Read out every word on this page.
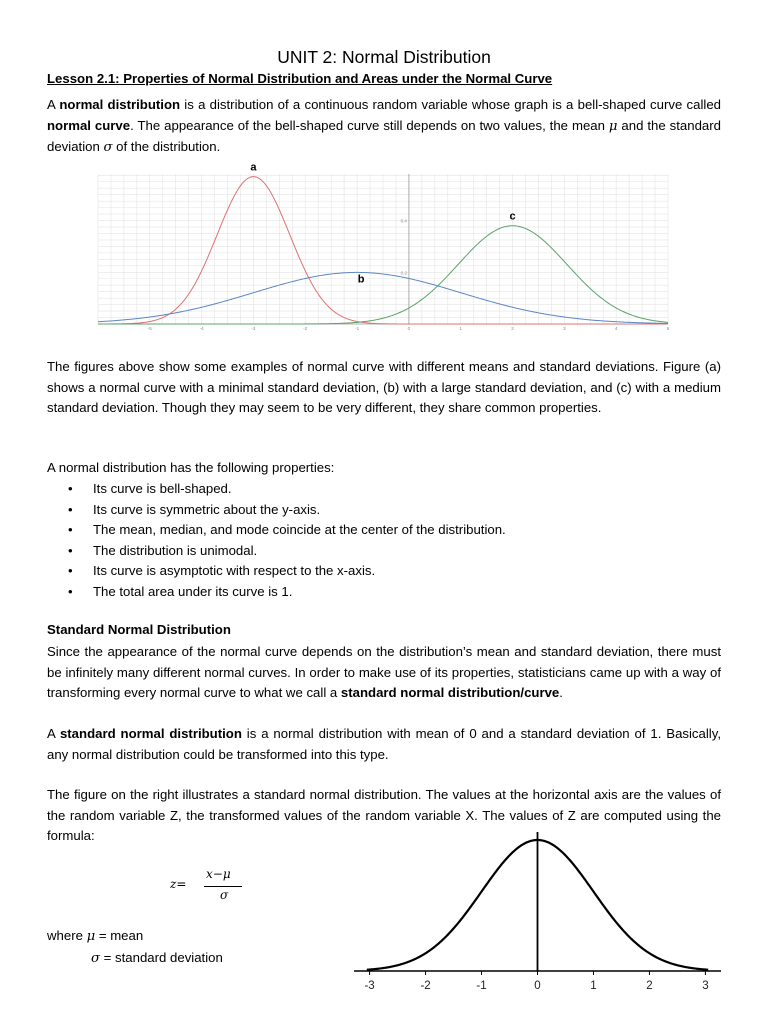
UNIT 2: Normal Distribution
Lesson 2.1: Properties of Normal Distribution and Areas under the Normal Curve
A normal distribution is a distribution of a continuous random variable whose graph is a bell-shaped curve called normal curve. The appearance of the bell-shaped curve still depends on two values, the mean μ and the standard deviation σ of the distribution.
-5	-4	-3	-2	-1	0	1	2	3	4	5
0.2
0.4
a
b
c
The figures above show some examples of normal curve with different means and standard deviations. Figure (a) shows a normal curve with a minimal standard deviation, (b) with a large standard deviation, and (c) with a medium standard deviation. Though they may seem to be very different, they share common properties.
A normal distribution has the following properties:
• Its curve is bell-shaped.
• Its curve is symmetric about the y-axis.
• The mean, median, and mode coincide at the center of the distribution.
• The distribution is unimodal.
• Its curve is asymptotic with respect to the x-axis.
• The total area under its curve is 1.
Standard Normal Distribution
Since the appearance of the normal curve depends on the distribution’s mean and standard deviation, there must be infinitely many different normal curves. In order to make use of its properties, statisticians came up with a way of transforming every normal curve to what we call a standard normal distribution/curve.
A standard normal distribution is a normal distribution with mean of 0 and a standard deviation of 1. Basically, any normal distribution could be transformed into this type.
The figure on the right illustrates a standard normal distribution. The values at the horizontal axis are the values of the random variable Z, the transformed values of the random variable X. The values of Z are computed using the formula:
z=
x−μ
σ
where μ = mean
σ = standard deviation
-3	-2	-1	0	1	2	3
